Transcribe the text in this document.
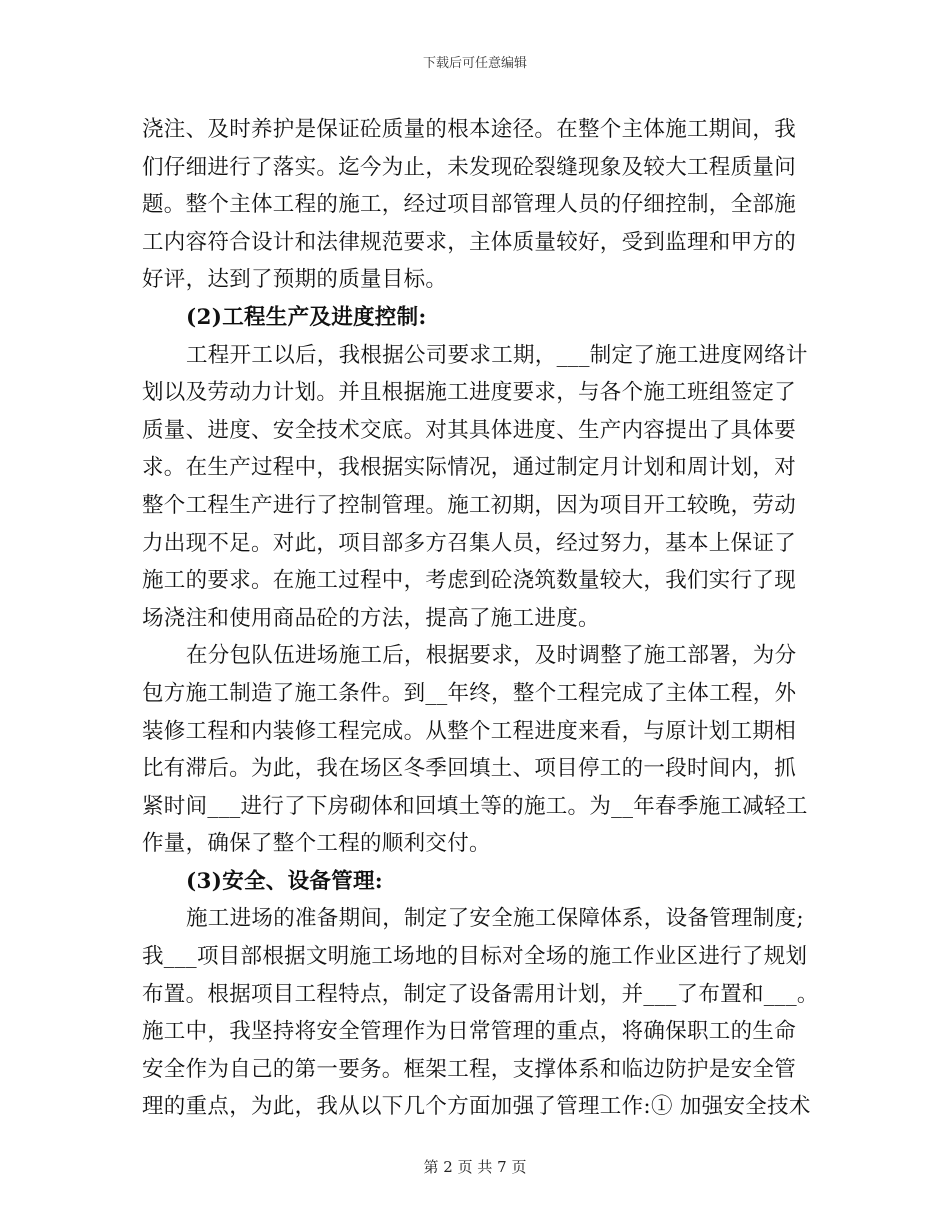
下载后可任意编辑
浇注、及时养护是保证砼质量的根本途径。在整个主体施工期间，我
们仔细进行了落实。迄今为止，未发现砼裂缝现象及较大工程质量问
题。整个主体工程的施工，经过项目部管理人员的仔细控制，全部施
工内容符合设计和法律规范要求，主体质量较好，受到监理和甲方的
好评，达到了预期的质量目标。
(2)工程生产及进度控制:
工程开工以后，我根据公司要求工期，___制定了施工进度网络计
划以及劳动力计划。并且根据施工进度要求，与各个施工班组签定了
质量、进度、安全技术交底。对其具体进度、生产内容提出了具体要
求。在生产过程中，我根据实际情况，通过制定月计划和周计划，对
整个工程生产进行了控制管理。施工初期，因为项目开工较晚，劳动
力出现不足。对此，项目部多方召集人员，经过努力，基本上保证了
施工的要求。在施工过程中，考虑到砼浇筑数量较大，我们实行了现
场浇注和使用商品砼的方法，提高了施工进度。
在分包队伍进场施工后，根据要求，及时调整了施工部署，为分
包方施工制造了施工条件。到__年终，整个工程完成了主体工程，外
装修工程和内装修工程完成。从整个工程进度来看，与原计划工期相
比有滞后。为此，我在场区冬季回填土、项目停工的一段时间内，抓
紧时间___进行了下房砌体和回填土等的施工。为__年春季施工减轻工
作量，确保了整个工程的顺利交付。
(3)安全、设备管理:
施工进场的准备期间，制定了安全施工保障体系，设备管理制度;
我___项目部根据文明施工场地的目标对全场的施工作业区进行了规划
布置。根据项目工程特点，制定了设备需用计划，并___了布置和___。
施工中，我坚持将安全管理作为日常管理的重点，将确保职工的生命
安全作为自己的第一要务。框架工程，支撑体系和临边防护是安全管
理的重点，为此，我从以下几个方面加强了管理工作:① 加强安全技术
第 2 页 共 7 页
